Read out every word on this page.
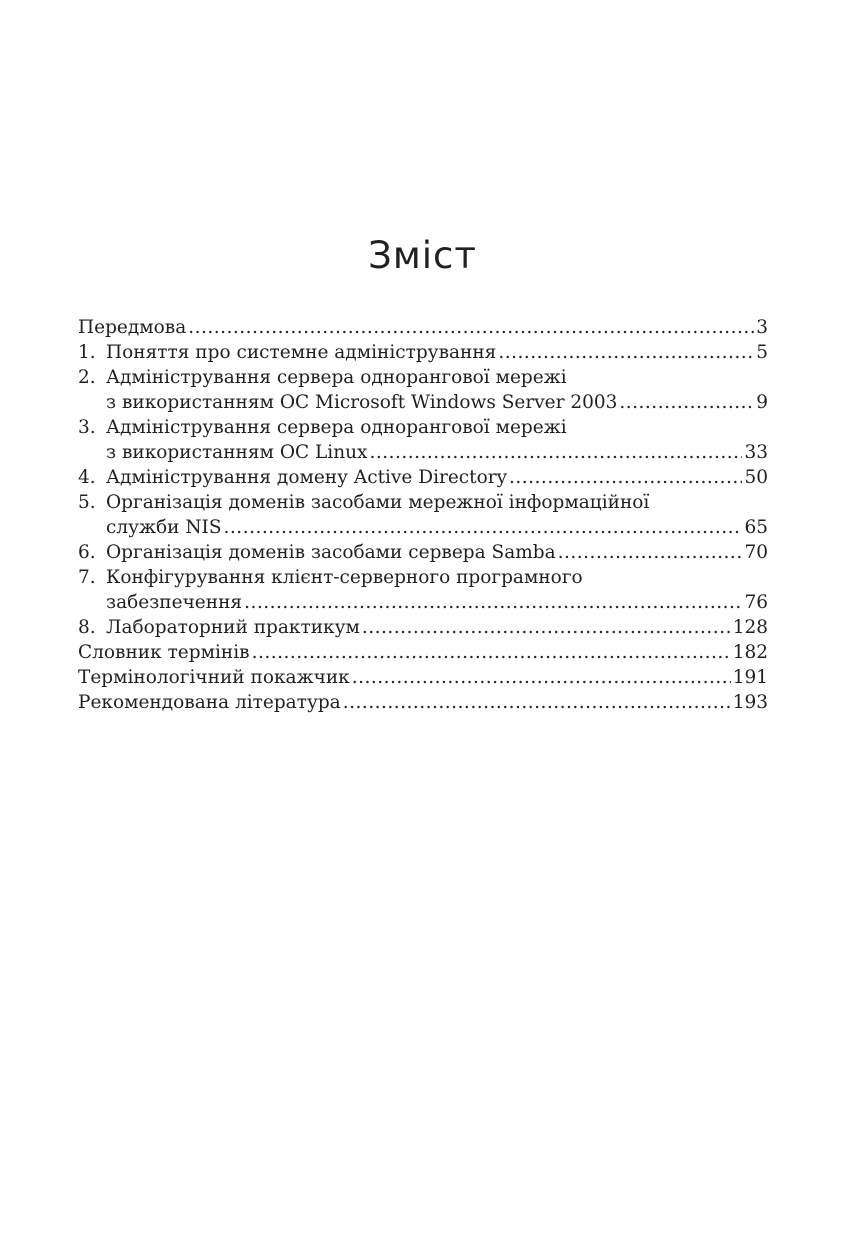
Зміст
Передмова .....	3
1. Поняття про системне адміністрування .....	5
2. Адміністрування сервера однорангової мережі
з використанням ОС Microsoft Windows Server 2003 .....	9
3. Адміністрування сервера однорангової мережі
з використанням ОС Linux .....	33
4. Адміністрування домену Active Directory .....	50
5. Організація доменів засобами мережної інформаційної
служби NIS .....	65
6. Організація доменів засобами сервера Samba .....	70
7. Конфігурування клієнт-серверного програмного
забезпечення .....	76
8. Лабораторний практикум .....	128
Словник термінів .....	182
Термінологічний покажчик .....	191
Рекомендована література .....	193
